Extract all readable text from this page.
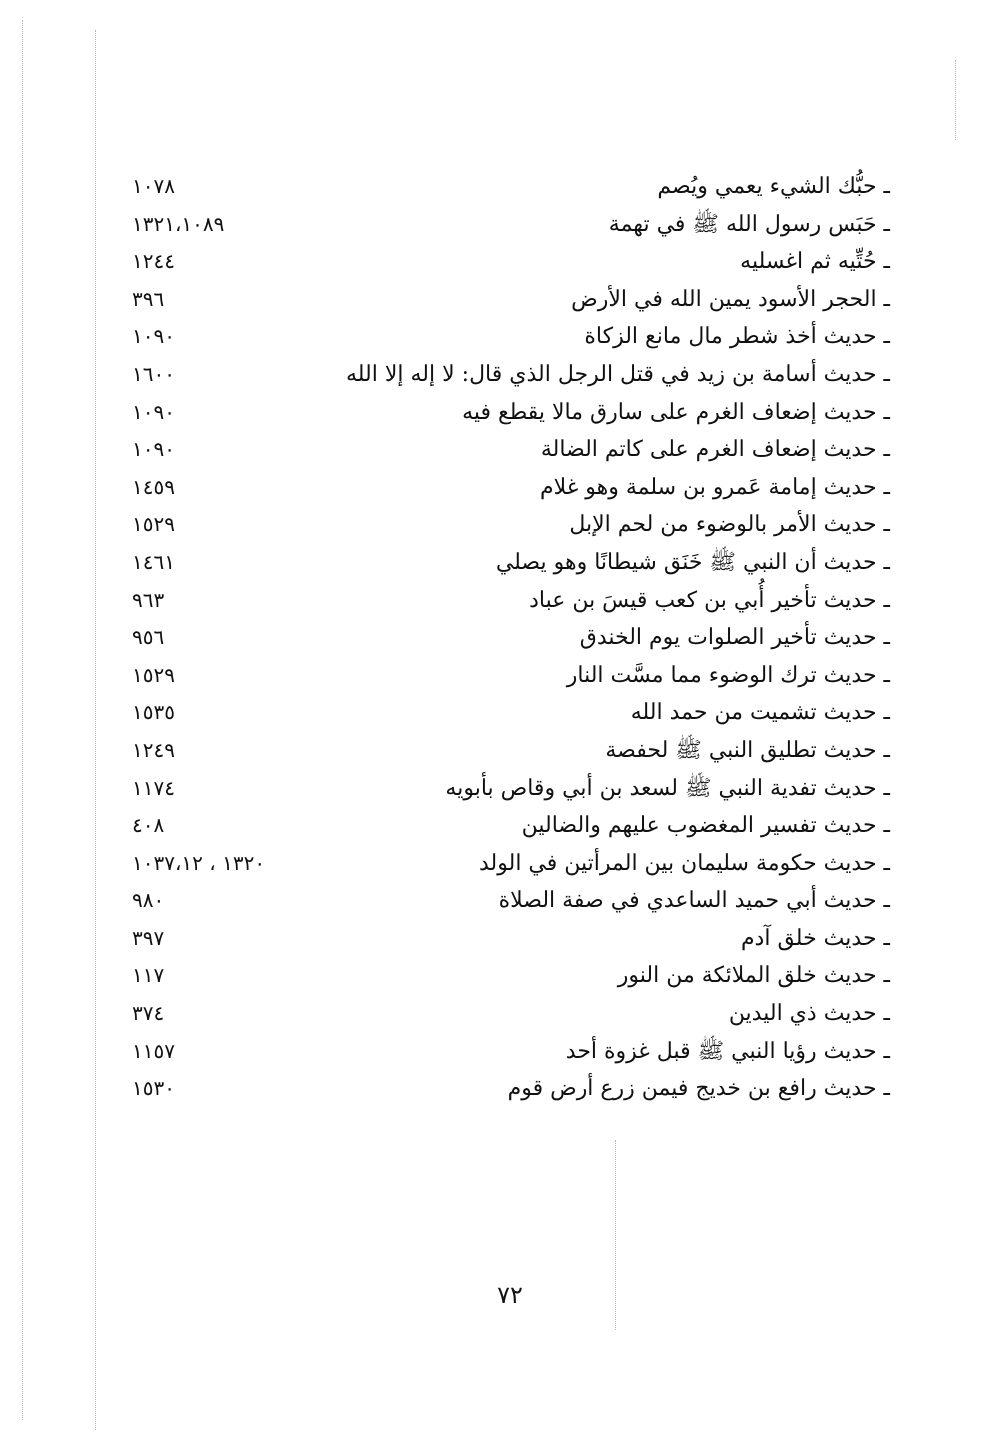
ـ حبُّك الشيء يعمي ويُصم
١٠٧٨
ـ حَبَس رسول الله ﷺ في تهمة
١٣٢١،١٠٨٩
ـ حُتِّيه ثم اغسليه
١٢٤٤
ـ الحجر الأسود يمين الله في الأرض
٣٩٦
ـ حديث أخذ شطر مال مانع الزكاة
١٠٩٠
ـ حديث أسامة بن زيد في قتل الرجل الذي قال: لا إله إلا الله
١٦٠٠
ـ حديث إضعاف الغرم على سارق مالا يقطع فيه
١٠٩٠
ـ حديث إضعاف الغرم على كاتم الضالة
١٠٩٠
ـ حديث إمامة عَمرو بن سلمة وهو غلام
١٤٥٩
ـ حديث الأمر بالوضوء من لحم الإبل
١٥٢٩
ـ حديث أن النبي ﷺ خَنَق شيطانًا وهو يصلي
١٤٦١
ـ حديث تأخير أُبي بن كعب قيسَ بن عباد
٩٦٣
ـ حديث تأخير الصلوات يوم الخندق
٩٥٦
ـ حديث ترك الوضوء مما مسَّت النار
١٥٢٩
ـ حديث تشميت من حمد الله
١٥٣٥
ـ حديث تطليق النبي ﷺ لحفصة
١٢٤٩
ـ حديث تفدية النبي ﷺ لسعد بن أبي وقاص بأبويه
١١٧٤
ـ حديث تفسير المغضوب عليهم والضالين
٤٠٨
ـ حديث حكومة سليمان بين المرأتين في الولد
١٣٢٠ ، ١٠٣٧،١٢
ـ حديث أبي حميد الساعدي في صفة الصلاة
٩٨٠
ـ حديث خلق آدم
٣٩٧
ـ حديث خلق الملائكة من النور
١١٧
ـ حديث ذي اليدين
٣٧٤
ـ حديث رؤيا النبي ﷺ قبل غزوة أحد
١١٥٧
ـ حديث رافع بن خديج فيمن زرع أرض قوم
١٥٣٠
٧٢
